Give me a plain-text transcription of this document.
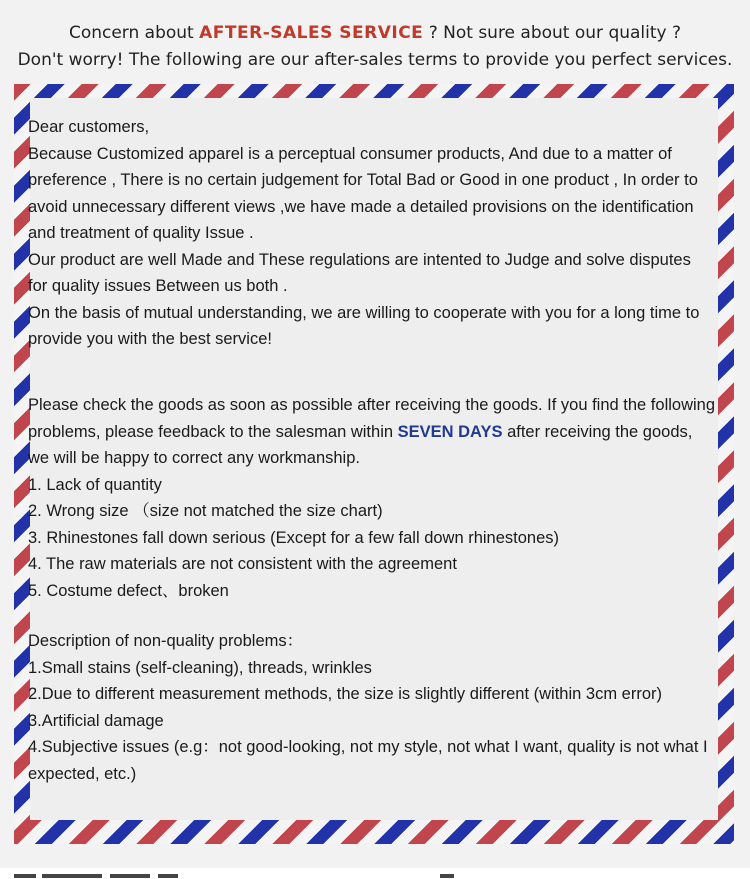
Concern about AFTER-SALES SERVICE ? Not sure about our quality ?
Don't worry! The following are our after-sales terms to provide you perfect services.

Dear customers,

Because Customized apparel is a perceptual consumer products, And due to a matter of preference , There is no certain judgement for Total Bad or Good in one product , In order to avoid unnecessary different views ,we have made a detailed provisions on the identification and treatment of quality Issue .

Our product are well Made and These regulations are intented to Judge and solve disputes for quality issues Between us both .

On the basis of mutual understanding, we are willing to cooperate with you for a long time to provide you with the best service!

Please check the goods as soon as possible after receiving the goods. If you find the following problems, please feedback to the salesman within SEVEN DAYS after receiving the goods, we will be happy to correct any workmanship.

1. Lack of quantity

2. Wrong size （size not matched the size chart)

3. Rhinestones fall down serious (Except for a few fall down rhinestones)

4. The raw materials are not consistent with the agreement

5. Costume defect、broken

Description of non-quality problems：

1.Small stains (self-cleaning), threads, wrinkles

2.Due to different measurement methods, the size is slightly different (within 3cm error)

3.Artificial damage

4.Subjective issues (e.g：not good-looking, not my style, not what I want, quality is not what I expected, etc.)
